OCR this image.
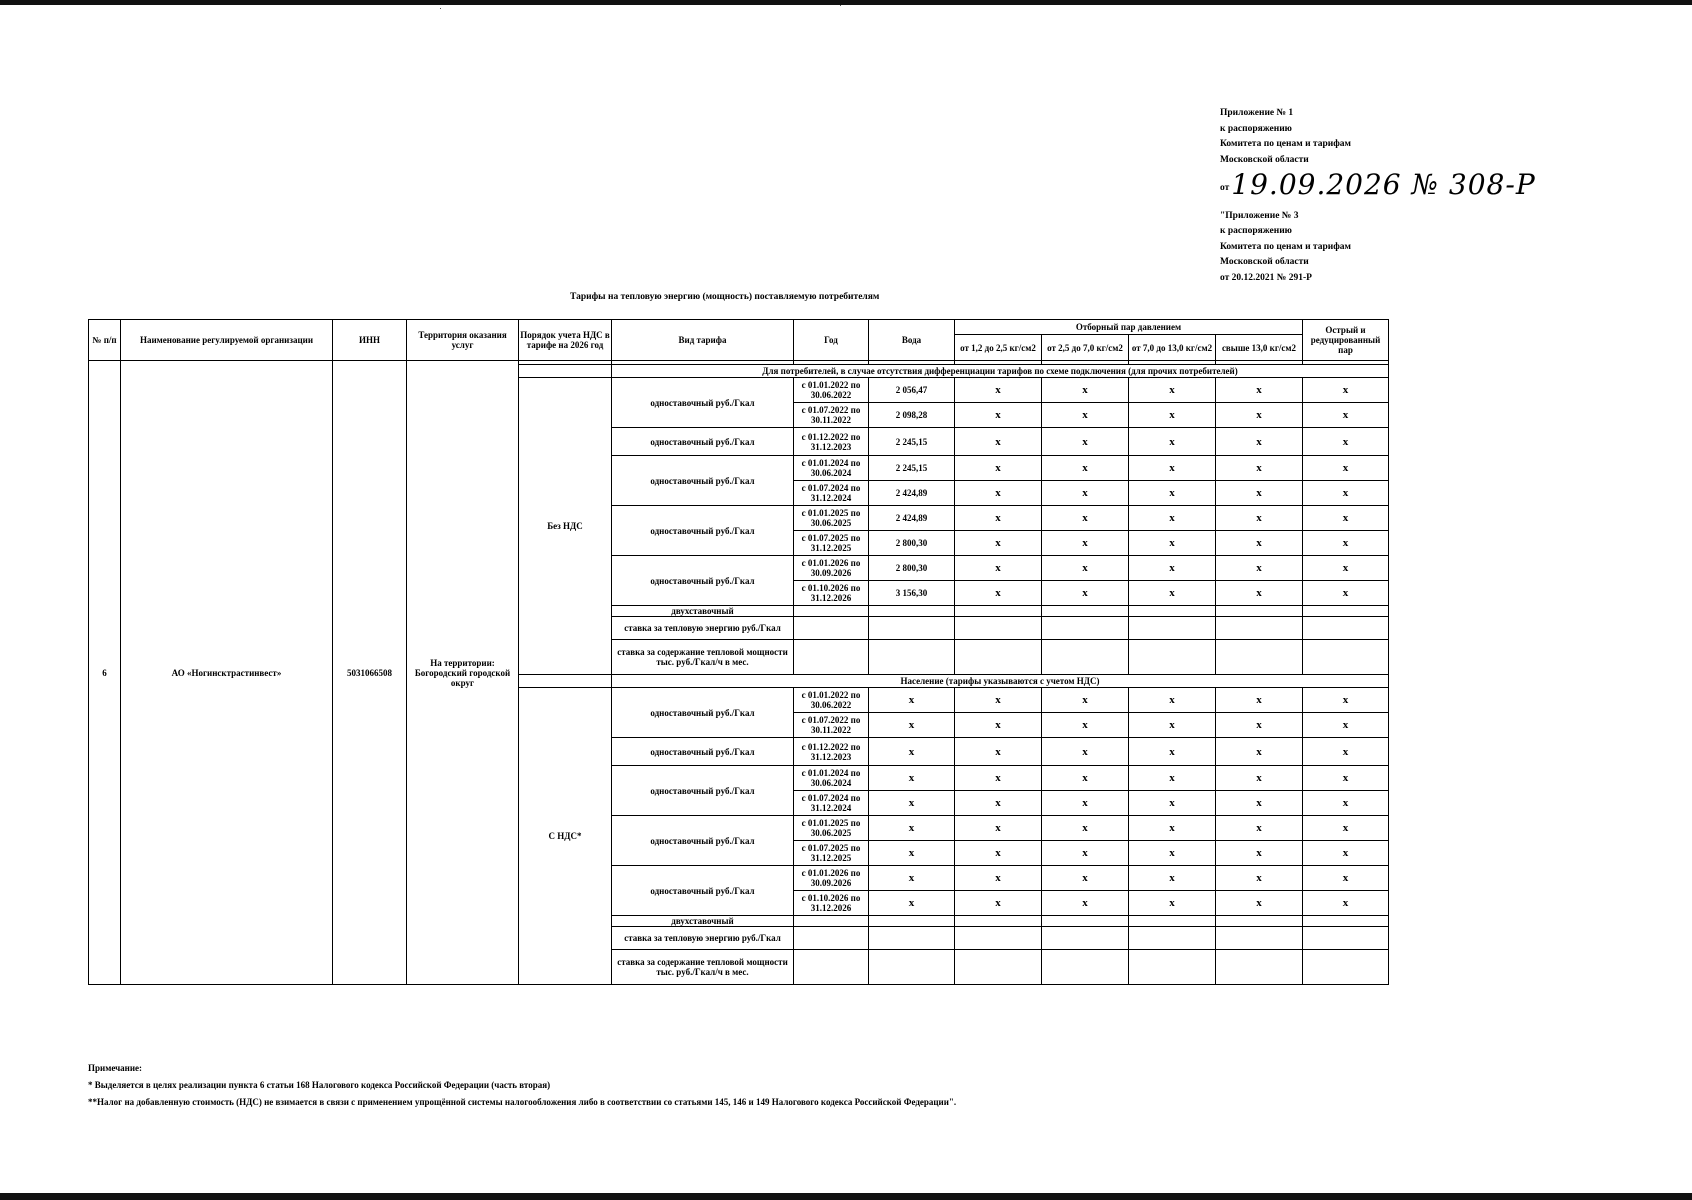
Приложение № 1
к распоряжению
Комитета по ценам и тарифам
Московской области
от19.09.2026 № 308-Р
"Приложение № 3
к распоряжению
Комитета по ценам и тарифам
Московской области
от 20.12.2021 № 291-Р
Тарифы на тепловую энергию (мощность) поставляемую потребителям
№ п/п	Наименование регулируемой организации	ИНН	Территория оказания услуг	Порядок учета НДС в тарифе на 2026 год	Вид тарифа	Год	Вода	Отборный пар давлением				Острый и редуцированный пар
								от 1,2 до 2,5 кг/см2	от 2,5 до 7,0 кг/см2	от 7,0 до 13,0 кг/см2	свыше 13,0 кг/см2	
6	АО «Ногинсктрастинвест»	5031066508	На территории: Богородский городской округ									
					Для потребителей, в случае отсутствия дифференциации тарифов по схеме подключения (для прочих потребителей)							
				Без НДС	одноставочный руб./Гкал	с 01.01.2022 по 30.06.2022	2 056,47	x	x	x	x	x
						с 01.07.2022 по 30.11.2022	2 098,28	x	x	x	x	x
					одноставочный руб./Гкал	с 01.12.2022 по 31.12.2023	2 245,15	x	x	x	x	x
					одноставочный руб./Гкал	с 01.01.2024 по 30.06.2024	2 245,15	x	x	x	x	x
						с 01.07.2024 по 31.12.2024	2 424,89	x	x	x	x	x
					одноставочный руб./Гкал	с 01.01.2025 по 30.06.2025	2 424,89	x	x	x	x	x
						с 01.07.2025 по 31.12.2025	2 800,30	x	x	x	x	x
					одноставочный руб./Гкал	с 01.01.2026 по 30.09.2026	2 800,30	x	x	x	x	x
						с 01.10.2026 по 31.12.2026	3 156,30	x	x	x	x	x
					двухставочный							
					ставка за тепловую энергию руб./Гкал							
					ставка за содержание тепловой мощности тыс. руб./Гкал/ч в мес.							
					Население (тарифы указываются с учетом НДС)							
				С НДС*	одноставочный руб./Гкал	с 01.01.2022 по 30.06.2022	x	x	x	x	x	x
						с 01.07.2022 по 30.11.2022	x	x	x	x	x	x
					одноставочный руб./Гкал	с 01.12.2022 по 31.12.2023	x	x	x	x	x	x
					одноставочный руб./Гкал	с 01.01.2024 по 30.06.2024	x	x	x	x	x	x
						с 01.07.2024 по 31.12.2024	x	x	x	x	x	x
					одноставочный руб./Гкал	с 01.01.2025 по 30.06.2025	x	x	x	x	x	x
						с 01.07.2025 по 31.12.2025	x	x	x	x	x	x
					одноставочный руб./Гкал	с 01.01.2026 по 30.09.2026	x	x	x	x	x	x
						с 01.10.2026 по 31.12.2026	x	x	x	x	x	x
					двухставочный							
					ставка за тепловую энергию руб./Гкал							
					ставка за содержание тепловой мощности тыс. руб./Гкал/ч в мес.							
Примечание:
* Выделяется в целях реализации пункта 6 статьи 168 Налогового кодекса Российской Федерации (часть вторая)
**Налог на добавленную стоимость (НДС) не взимается в связи с применением упрощённой системы налогообложения либо в соответствии со статьями 145, 146 и 149 Налогового кодекса Российской Федерации".
